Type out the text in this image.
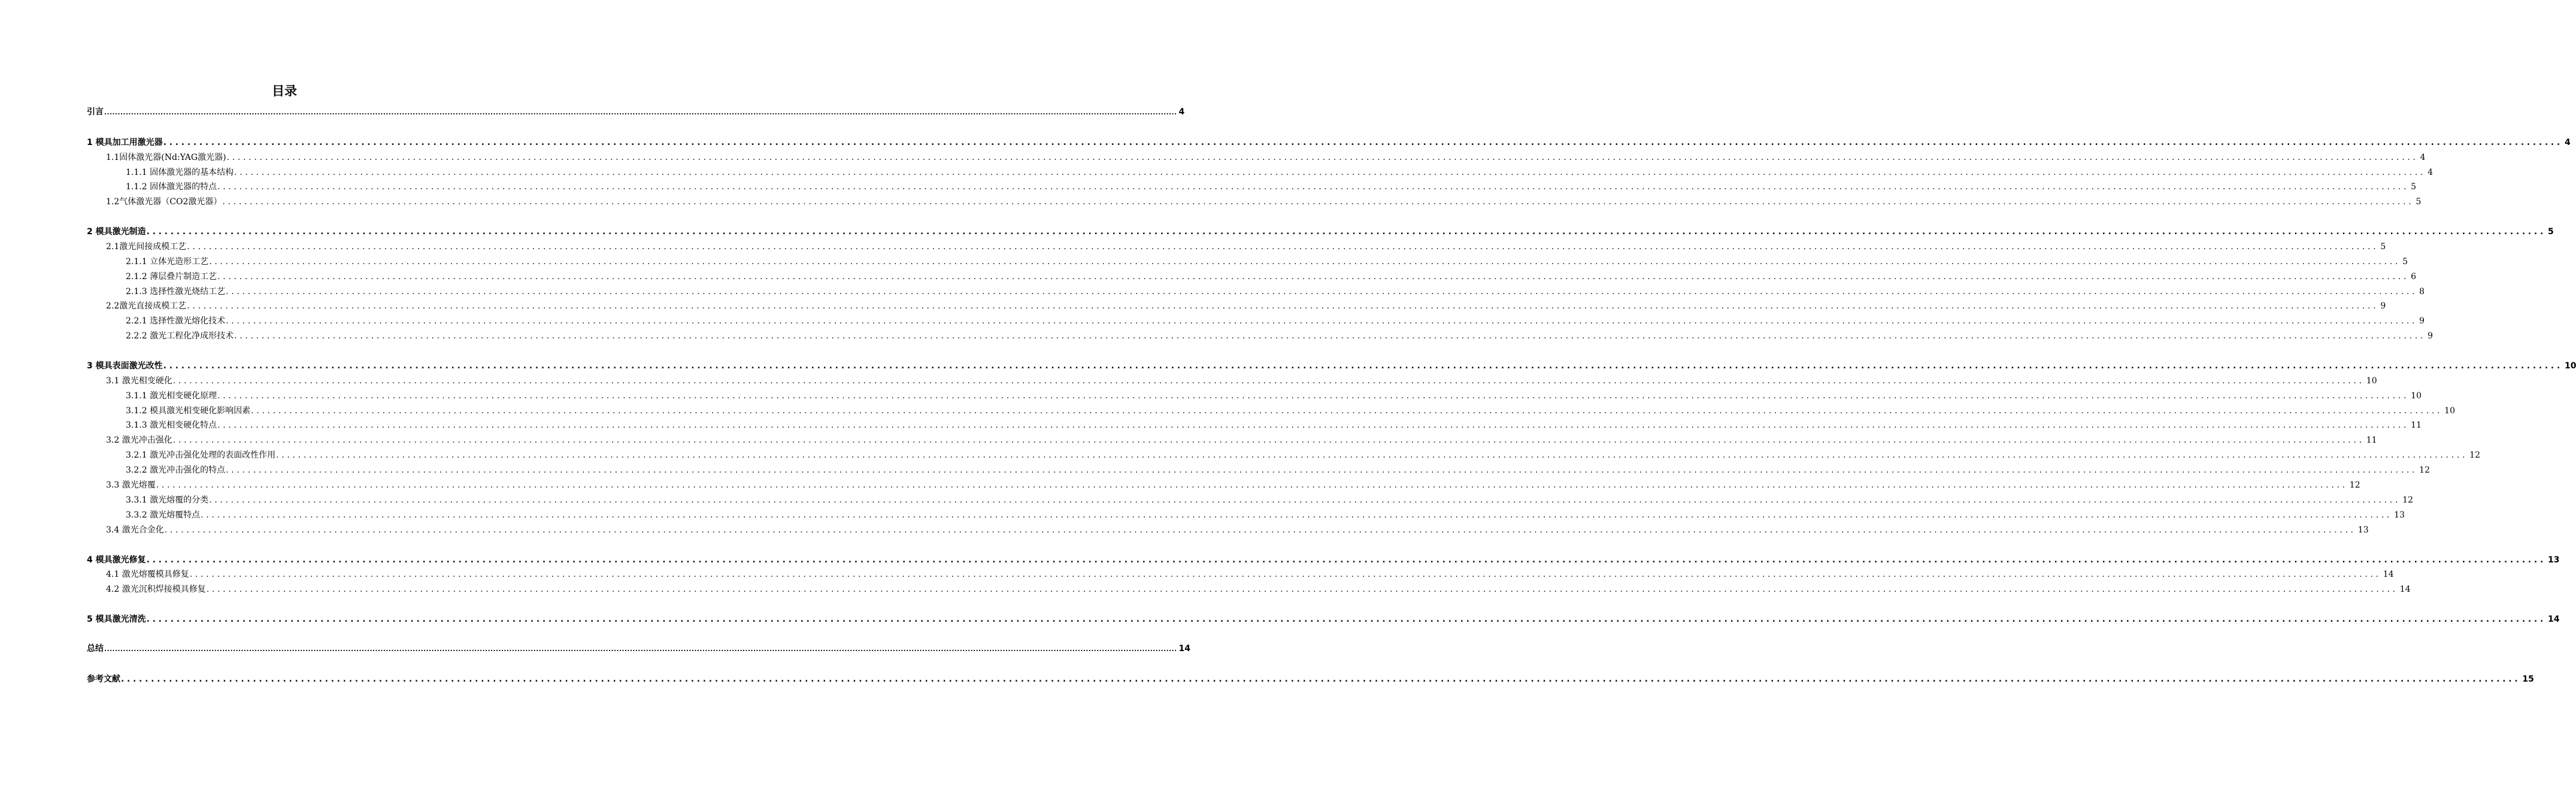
目录
引言 ................................................................................................................................................................................................................................................................................................................................................................................................................ 4
1 模具加工用激光器 ................................................................................................................................................................................................................................................................................................................................................................................................................ 4
1.1固体激光器(Nd:YAG激光器) ................................................................................................................................................................................................................................................................................................................................................................................................................ 4
1.1.1 固体激光器的基本结构 ................................................................................................................................................................................................................................................................................................................................................................................................................ 4
1.1.2 固体激光器的特点 ................................................................................................................................................................................................................................................................................................................................................................................................................ 5
1.2气体激光器（CO2激光器） ................................................................................................................................................................................................................................................................................................................................................................................................................ 5
2 模具激光制造 ................................................................................................................................................................................................................................................................................................................................................................................................................ 5
2.1激光间接成模工艺 ................................................................................................................................................................................................................................................................................................................................................................................................................ 5
2.1.1 立体光造形工艺 ................................................................................................................................................................................................................................................................................................................................................................................................................ 5
2.1.2 薄层叠片制造工艺 ................................................................................................................................................................................................................................................................................................................................................................................................................ 6
2.1.3 选择性激光烧结工艺 ................................................................................................................................................................................................................................................................................................................................................................................................................ 8
2.2激光直接成模工艺 ................................................................................................................................................................................................................................................................................................................................................................................................................ 9
2.2.1 选择性激光熔化技术 ................................................................................................................................................................................................................................................................................................................................................................................................................ 9
2.2.2 激光工程化净成形技术 ................................................................................................................................................................................................................................................................................................................................................................................................................ 9
3 模具表面激光改性 ................................................................................................................................................................................................................................................................................................................................................................................................................ 10
3.1 激光相变硬化 ................................................................................................................................................................................................................................................................................................................................................................................................................ 10
3.1.1 激光相变硬化原理 ................................................................................................................................................................................................................................................................................................................................................................................................................ 10
3.1.2 模具激光相变硬化影响因素 ................................................................................................................................................................................................................................................................................................................................................................................................................ 10
3.1.3 激光相变硬化特点 ................................................................................................................................................................................................................................................................................................................................................................................................................ 11
3.2 激光冲击强化 ................................................................................................................................................................................................................................................................................................................................................................................................................ 11
3.2.1 激光冲击强化处理的表面改性作用 ................................................................................................................................................................................................................................................................................................................................................................................................................ 12
3.2.2 激光冲击强化的特点 ................................................................................................................................................................................................................................................................................................................................................................................................................ 12
3.3 激光熔覆 ................................................................................................................................................................................................................................................................................................................................................................................................................ 12
3.3.1 激光熔覆的分类 ................................................................................................................................................................................................................................................................................................................................................................................................................ 12
3.3.2 激光熔覆特点 ................................................................................................................................................................................................................................................................................................................................................................................................................ 13
3.4 激光合金化 ................................................................................................................................................................................................................................................................................................................................................................................................................ 13
4 模具激光修复 ................................................................................................................................................................................................................................................................................................................................................................................................................ 13
4.1 激光熔覆模具修复 ................................................................................................................................................................................................................................................................................................................................................................................................................ 14
4.2 激光沉积焊接模具修复 ................................................................................................................................................................................................................................................................................................................................................................................................................ 14
5 模具激光清洗 ................................................................................................................................................................................................................................................................................................................................................................................................................ 14
总结 ................................................................................................................................................................................................................................................................................................................................................................................................................ 14
参考文献 ................................................................................................................................................................................................................................................................................................................................................................................................................ 15
